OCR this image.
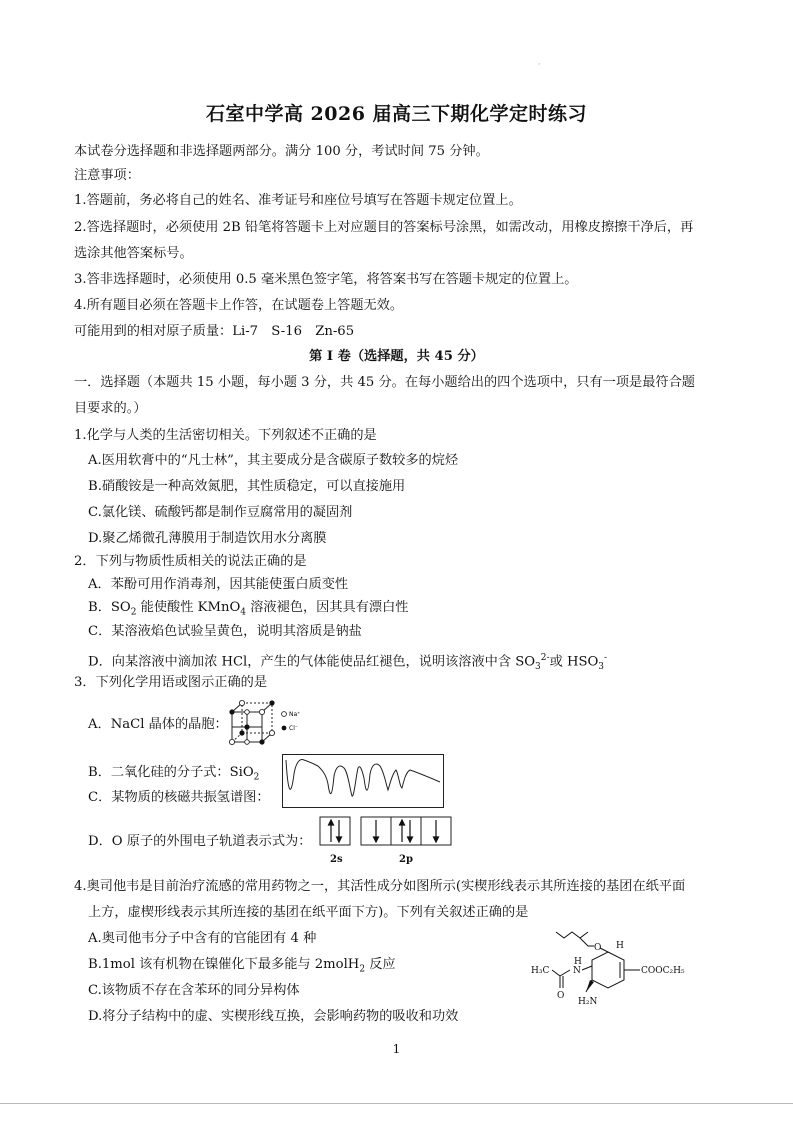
·
石室中学高 2026 届高三下期化学定时练习
本试卷分选择题和非选择题两部分。满分 100 分，考试时间 75 分钟。
注意事项：
1.答题前，务必将自己的姓名、准考证号和座位号填写在答题卡规定位置上。
2.答选择题时，必须使用 2B 铅笔将答题卡上对应题目的答案标号涂黑，如需改动，用橡皮擦擦干净后，再
选涂其他答案标号。
3.答非选择题时，必须使用 0.5 毫米黑色签字笔，将答案书写在答题卡规定的位置上。
4.所有题目必须在答题卡上作答，在试题卷上答题无效。
可能用到的相对原子质量：Li-7　S-16　Zn-65
第 I 卷（选择题，共 45 分）
一．选择题（本题共 15 小题，每小题 3 分，共 45 分。在每小题给出的四个选项中，只有一项是最符合题
目要求的。）
1.化学与人类的生活密切相关。下列叙述不正确的是
A.医用软膏中的“凡士林”，其主要成分是含碳原子数较多的烷烃
B.硝酸铵是一种高效氮肥，其性质稳定，可以直接施用
C.氯化镁、硫酸钙都是制作豆腐常用的凝固剂
D.聚乙烯微孔薄膜用于制造饮用水分离膜
2．下列与物质性质相关的说法正确的是
A．苯酚可用作消毒剂，因其能使蛋白质变性
B．$SO_2$ 能使酸性 KMnO$_4$ 溶液褪色，因其具有漂白性
C．某溶液焰色试验呈黄色，说明其溶质是钠盐
D．向某溶液中滴加浓 HCl，产生的气体能使品红褪色，说明该溶液中含 $SO_3^{2-}$或 $HSO_3^-$
3．下列化学用语或图示正确的是
A．NaCl 晶体的晶胞：
Na⁺
Cl⁻
B．二氧化硅的分子式：SiO$_2$
C．某物质的核磁共振氢谱图：
D．O 原子的外围电子轨道表示式为：
2s	2p
4.奥司他韦是目前治疗流感的常用药物之一，其活性成分如图所示(实楔形线表示其所连接的基团在纸平面
上方，虚楔形线表示其所连接的基团在纸平面下方)。下列有关叙述正确的是
A.奥司他韦分子中含有的官能团有 4 种
B.1mol 该有机物在镍催化下最多能与 2molH$_2$ 反应
C.该物质不存在含苯环的同分异构体
D.将分子结构中的虚、实楔形线互换，会影响药物的吸收和功效
O H
H
N
H₃C
O
COOC₂H₅
H₂N
1
